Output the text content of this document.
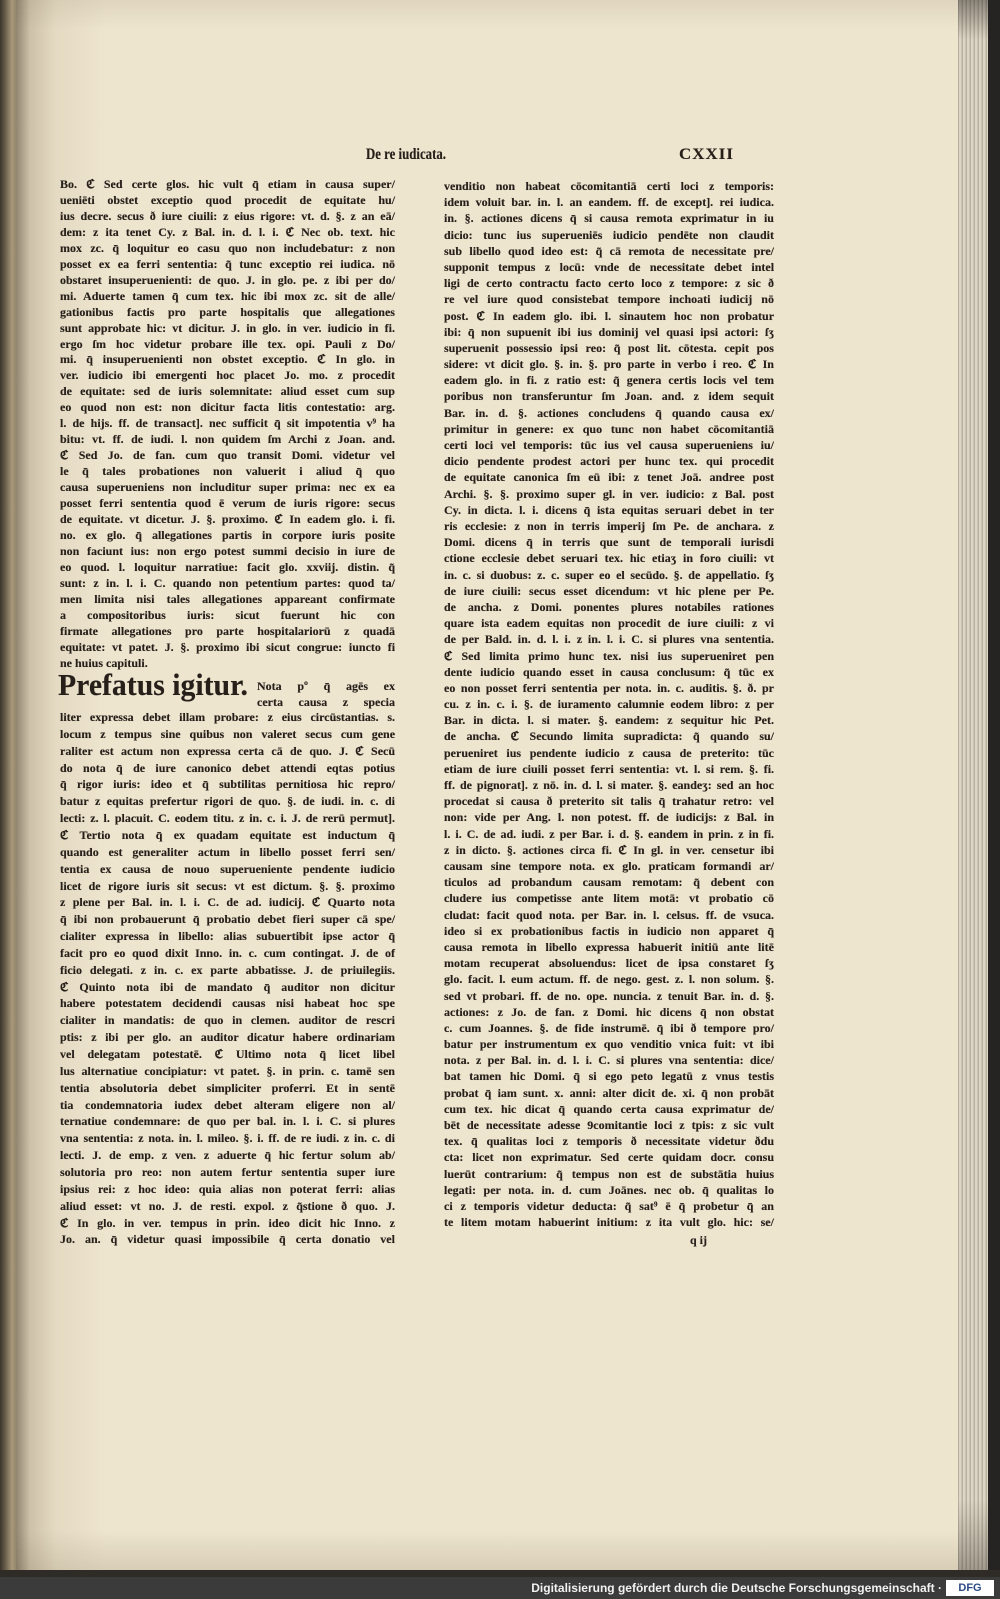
De re iudicata.	CXXII
Bo. ℭ Sed certe glos. hic vult q̄ etiam in causa super/
ueniēti obstet exceptio quod procedit de equitate hu/
ius decre. secus ð iure ciuili: z eius rigore: vt. d. §. z an eā/
dem: z ita tenet Cy. z Bal. in. d. l. i. ℭ Nec ob. text. hic
mox zc. q̄ loquitur eo casu quo non includebatur: z non
posset ex ea ferri sententia: q̃ tunc exceptio rei iudica. nō
obstaret insuperuenienti: de quo. J. in glo. pe. z ibi per do/
mi. Aduerte tamen q̄ cum tex. hic ibi mox zc. sit de alle/
gationibus factis pro parte hospitalis que allegationes
sunt approbate hic: vt dicitur. J. in glo. in ver. iudicio in fi.
ergo ſm hoc videtur probare ille tex. opi. Pauli z Do/
mi. q̄ insuperuenienti non obstet exceptio. ℭ In glo. in
ver. iudicio ibi emergenti hoc placet Jo. mo. z procedit
de equitate: sed de iuris solemnitate: aliud esset cum sup
eo quod non est: non dicitur facta litis contestatio: arg.
l. de hijs. ff. de transact]. nec sufficit q̄ sit impotentia v⁹ ha
bitu: vt. ff. de iudi. l. non quidem ſm Archi z Joan. and.
ℭ Sed Jo. de fan. cum quo transit Domi. videtur vel
le q̄ tales probationes non valuerit i aliud q̄ quo
causa superueniens non includitur super prima: nec ex ea
posset ferri sententia quod ē verum de iuris rigore: secus
de equitate. vt dicetur. J. §. proximo. ℭ In eadem glo. i. fi.
no. ex glo. q̄ allegationes partis in corpore iuris posite
non faciunt ius: non ergo potest summi decisio in iure de
eo quod. l. loquitur narratiue: facit glo. xxviij. distin. q̃
sunt: z in. l. i. C. quando non petentium partes: quod ta/
men limita nisi tales allegationes appareant confirmate
a compositoribus iuris: sicut fuerunt hic con
firmate allegationes pro parte hospitalariorū z quadā
equitate: vt patet. J. §. proximo ibi sicut congrue: iuncto fi
ne huius capituli.
Prefatus igitur. Nota pº q̄ agēs ex
certa causa z specia
liter expressa debet illam probare: z eius circūstantias. s.
locum z tempus sine quibus non valeret secus cum gene
raliter est actum non expressa certa cā de quo. J. ℭ Secū
do nota q̄ de iure canonico debet attendi eqtas potius
q̄ rigor iuris: ideo et q̄ subtilitas pernitiosa hic repro/
batur z equitas prefertur rigori de quo. §. de iudi. in. c. di
lecti: z. l. placuit. C. eodem titu. z in. c. i. J. de rerū permut].
ℭ Tertio nota q̄ ex quadam equitate est inductum q̄
quando est generaliter actum in libello posset ferri sen/
tentia ex causa de nouo superueniente pendente iudicio
licet de rigore iuris sit secus: vt est dictum. §. §. proximo
z plene per Bal. in. l. i. C. de ad. iudicij. ℭ Quarto nota
q̄ ibi non probauerunt q̄ probatio debet fieri super cā spe/
cialiter expressa in libello: alias subuertibit ipse actor q̄
facit pro eo quod dixit Inno. in. c. cum contingat. J. de of
ficio delegati. z in. c. ex parte abbatisse. J. de priuilegiis.
ℭ Quinto nota ibi de mandato q̄ auditor non dicitur
habere potestatem decidendi causas nisi habeat hoc spe
cialiter in mandatis: de quo in clemen. auditor de rescri
ptis: z ibi per glo. an auditor dicatur habere ordinariam
vel delegatam potestatē. ℭ Ultimo nota q̄ licet libel
lus alternatiue concipiatur: vt patet. §. in prin. c. tamē sen
tentia absolutoria debet simpliciter proferri. Et in sentē
tia condemnatoria iudex debet alteram eligere non al/
ternatiue condemnare: de quo per bal. in. l. i. C. si plures
vna sententia: z nota. in. l. mileo. §. i. ff. de re iudi. z in. c. di
lecti. J. de emp. z ven. z aduerte q̄ hic fertur solum ab/
solutoria pro reo: non autem fertur sententia super iure
ipsius rei: z hoc ideo: quia alias non poterat ferri: alias
aliud esset: vt no. J. de resti. expol. z q̃stione ð quo. J.
ℭ In glo. in ver. tempus in prin. ideo dicit hic Inno. z
Jo. an. q̄ videtur quasi impossibile q̄ certa donatio vel
venditio non habeat cōcomitantiā certi loci z temporis:
idem voluit bar. in. l. an eandem. ff. de except]. rei iudica.
in. §. actiones dicens q̄ si causa remota exprimatur in iu
dicio: tunc ius superueniēs iudicio pendēte non claudit
sub libello quod ideo est: q̃ cā remota de necessitate pre/
supponit tempus z locū: vnde de necessitate debet intel
ligi de certo contractu facto certo loco z tempore: z sic ð
re vel iure quod consistebat tempore inchoati iudicij nō
post. ℭ In eadem glo. ibi. l. sinautem hoc non probatur
ibi: q̄ non supuenit ibi ius dominij vel quasi ipsi actori: ſʒ
superuenit possessio ipsi reo: q̃ post lit. cōtesta. cepit pos
sidere: vt dicit glo. §. in. §. pro parte in verbo i reo. ℭ In
eadem glo. in fi. z ratio est: q̃ genera certis locis vel tem
poribus non transferuntur ſm Joan. and. z idem sequit
Bar. in. d. §. actiones concludens q̄ quando causa ex/
primitur in genere: ex quo tunc non habet cōcomitantiā
certi loci vel temporis: tūc ius vel causa superueniens iu/
dicio pendente prodest actori per hunc tex. qui procedit
de equitate canonica ſm eū ibi: z tenet Joā. andree post
Archi. §. §. proximo super gl. in ver. iudicio: z Bal. post
Cy. in dicta. l. i. dicens q̄ ista equitas seruari debet in ter
ris ecclesie: z non in terris imperij ſm Pe. de anchara. z
Domi. dicens q̄ in terris que sunt de temporali iurisdi
ctione ecclesie debet seruari tex. hic etiaʒ in foro ciuili: vt
in. c. si duobus: z. c. super eo el secūdo. §. de appellatio. ſʒ
de iure ciuili: secus esset dicendum: vt hic plene per Pe.
de ancha. z Domi. ponentes plures notabiles rationes
quare ista eadem equitas non procedit de iure ciuili: z vi
de per Bald. in. d. l. i. z in. l. i. C. si plures vna sententia.
ℭ Sed limita primo hunc tex. nisi ius superueniret pen
dente iudicio quando esset in causa conclusum: q̃ tūc ex
eo non posset ferri sententia per nota. in. c. auditis. §. ð. pr
cu. z in. c. i. §. de iuramento calumnie eodem libro: z per
Bar. in dicta. l. si mater. §. eandem: z sequitur hic Pet.
de ancha. ℭ Secundo limita supradicta: q̃ quando su/
perueniret ius pendente iudicio z causa de preterito: tūc
etiam de iure ciuili posset ferri sententia: vt. l. si rem. §. fi.
ff. de pignorat]. z nō. in. d. l. si mater. §. eandeʒ: sed an hoc
procedat si causa ð preterito sit talis q̄ trahatur retro: vel
non: vide per Ang. l. non potest. ff. de iudicijs: z Bal. in
l. i. C. de ad. iudi. z per Bar. i. d. §. eandem in prin. z in fi.
z in dicto. §. actiones circa fi. ℭ In gl. in ver. censetur ibi
causam sine tempore nota. ex glo. praticam formandi ar/
ticulos ad probandum causam remotam: q̃ debent con
cludere ius competisse ante litem motā: vt probatio cō
cludat: facit quod nota. per Bar. in. l. celsus. ff. de vsuca.
ideo si ex probationibus factis in iudicio non apparet q̄
causa remota in libello expressa habuerit initiū ante litē
motam recuperat absoluendus: licet de ipsa constaret ſʒ
glo. facit. l. eum actum. ff. de nego. gest. z. l. non solum. §.
sed vt probari. ff. de no. ope. nuncia. z tenuit Bar. in. d. §.
actiones: z Jo. de fan. z Domi. hic dicens q̄ non obstat
c. cum Joannes. §. de fide instrumē. q̄ ibi ð tempore pro/
batur per instrumentum ex quo venditio vnica fuit: vt ibi
nota. z per Bal. in. d. l. i. C. si plures vna sententia: dice/
bat tamen hic Domi. q̄ si ego peto legatū z vnus testis
probat q̄ iam sunt. x. anni: alter dicit de. xi. q̄ non probāt
cum tex. hic dicat q̄ quando certa causa exprimatur de/
bēt de necessitate adesse 9comitantie loci z tpis: z sic vult
tex. q̄ qualitas loci z temporis ð necessitate videtur ðdu
cta: licet non exprimatur. Sed certe quidam docr. consu
luerūt contrarium: q̃ tempus non est de substātia huius
legati: per nota. in. d. cum Joānes. nec ob. q̄ qualitas lo
ci z temporis videtur deducta: q̃ sat⁹ ē q̄ probetur q̄ an
te litem motam habuerint initium: z ita vult glo. hic: se/
q ij
Digitalisierung gefördert durch die Deutsche Forschungsgemeinschaft ·	DFG
